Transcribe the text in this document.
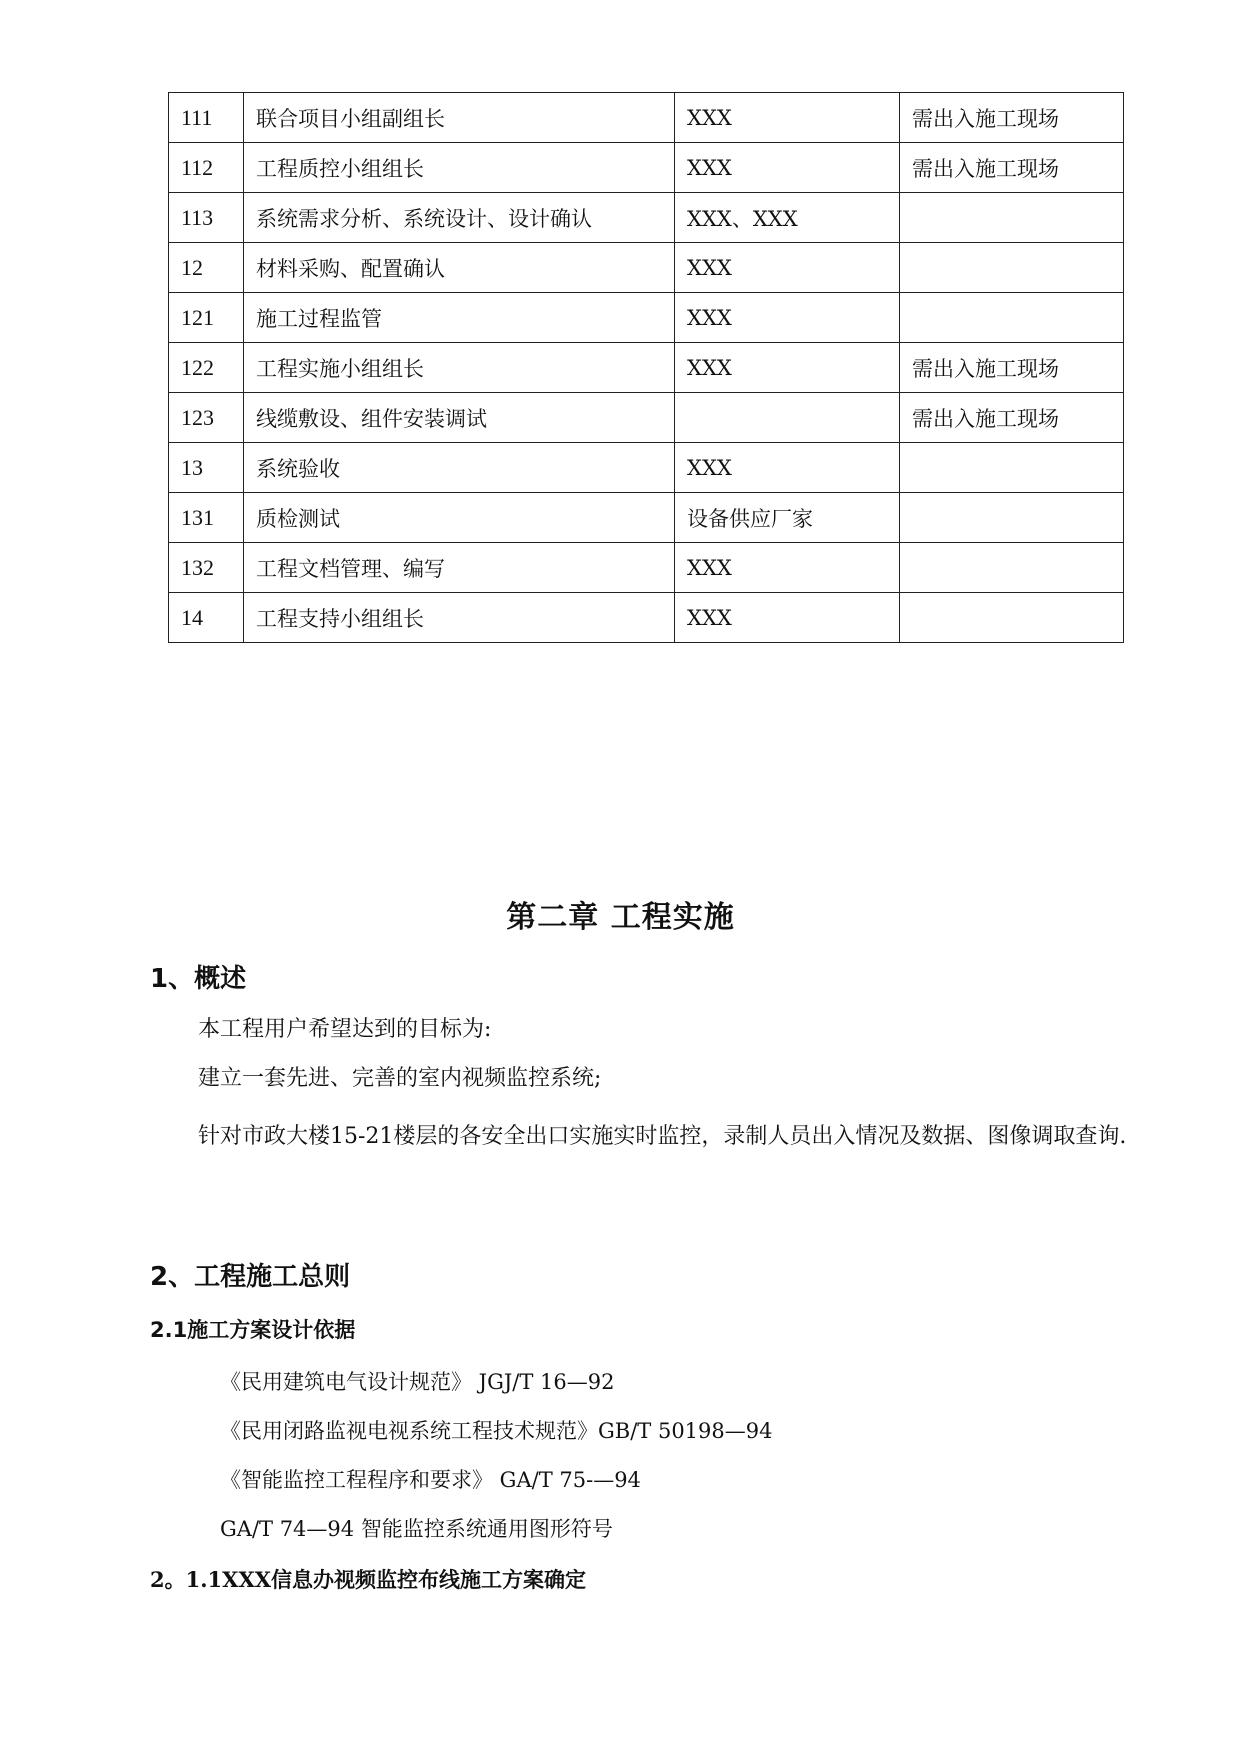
111	联合项目小组副组长	XXX	需出入施工现场
112	工程质控小组组长	XXX	需出入施工现场
113	系统需求分析、系统设计、设计确认	XXX、XXX	
12	材料采购、配置确认	XXX	
121	施工过程监管	XXX	
122	工程实施小组组长	XXX	需出入施工现场
123	线缆敷设、组件安装调试		需出入施工现场
13	系统验收	XXX	
131	质检测试	设备供应厂家	
132	工程文档管理、编写	XXX	
14	工程支持小组组长	XXX	
第二章 工程实施
1、概述
本工程用户希望达到的目标为:
建立一套先进、完善的室内视频监控系统;
针对市政大楼15-21楼层的各安全出口实施实时监控，录制人员出入情况及数据、图像调取查询.
2、工程施工总则
2.1施工方案设计依据
《民用建筑电气设计规范》 JGJ/T 16—92
《民用闭路监视电视系统工程技术规范》GB/T 50198—94
《智能监控工程程序和要求》 GA/T 75-—94
GA/T 74—94 智能监控系统通用图形符号
2。1.1XXX信息办视频监控布线施工方案确定
